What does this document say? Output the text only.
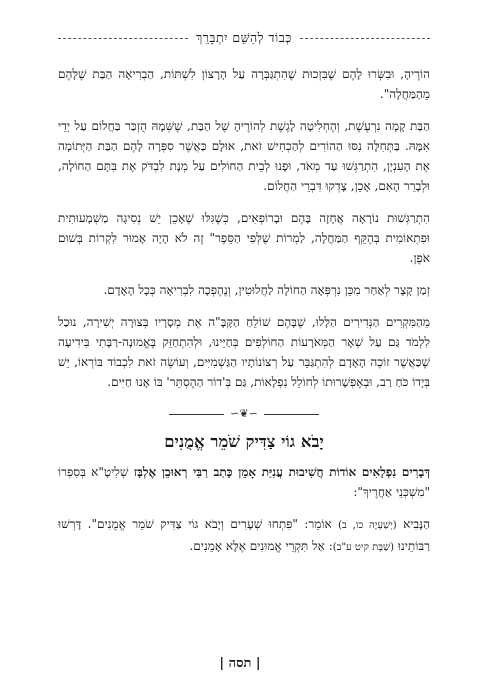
כְּבוֹד לְהַשֵּׁם יִתְבָּרֵךְ

הוֹרֶיהָ, וּבִשְּׂרוּ לָהֶם שֶׁבִּזְכוּת שֶׁהִתְגַּבְּרָה עַל הָרָצוֹן לִשְׁתּוֹת, הַבְרִיאָה הַבַּת שֶׁלָּהֶם מֵהַמַּחֲלָה".

הַבַּת קָמָה נִרְעֶשֶׁת, וְהֶחְלִיטָה לָגֶשֶׁת לְהוֹרֶיהָ שֶׁל הַבַּת, שֶׁשְּׁמָהּ הֻזְכַּר בַּחֲלוֹם עַל יְדֵי אִמָּהּ. בַּתְּחִלָּה נִסּוּ הַהוֹרִים לְהַכְחִישׁ זֹאת, אוּלָם כַּאֲשֶׁר סִפְּרָה לָהֶם הַבַּת הַיְּתוֹמָה אֶת הָעִנְיָן, הִתְרַגְּשׁוּ עַד מְאֹד, וּפָנוּ לְבֵית הַחוֹלִים עַל מְנָת לִבְדֹּק אֶת בִּתָּם הַחוֹלָה, וּלְבָרֵר הָאִם, אָכֵן, צָדְקוּ דִּבְרֵי הַחֲלוֹם.

הִתְרַגְּשׁוּת נוֹרָאָה אֲחָזָה בָּהֶם וּבָרוֹפְאִים, כְּשֶׁגִּלּוּ שֶׁאָכֵן יֵשׁ נְסִיגָה מַשְׁמָעוּתִית וּפִתְאוֹמִית בְּהֶקֵּף הַמַּחֲלָה, לַמְרוֹת שֶׁלְּפִי הַסֵּפֶר" זֶה לֹא הָיָה אָמוּר לִקְרוֹת בְּשׁוּם אֹפֶן.

זְמַן קָצָר לְאַחַר מִכֵּן נִרְפְּאָה הַחוֹלָה לַחֲלוּטִין, וְנֶהֶפְכָה לִבְרִיאָה כְּכָל הָאָדָם.

מֵהַמִּקְרִים הַנְּדִירִים הַלָּלוּ, שֶׁבָּהֶם שׁוֹלֵחַ הַקָּבָּ"ה אֶת מְסָרָיו בְּצוּרָה יְשִׁירָה, נוּכַל לִלְמֹד גַּם עַל שְׁאָר הַמְּאֹרָעוֹת הַחוֹלְפִים בְּחַיֵּינוּ, וּלְהִתְחַזֵּק בֶּאֱמוּנָה-רַבָּתִי בִּידִיעָה שֶׁכַּאֲשֶׁר זוֹכֶה הָאָדָם לְהִתְגַּבֵּר עַל רְצוֹנוֹתָיו הַגַּשְׁמִיִּים, וְעוֹשֶׂה זֹאת לִכְבוֹד בּוֹרְאוֹ, יֵשׁ בְּיָדוֹ כֹּחַ רַב, וּבְאֶפְשָׁרוּתוֹ לְחוֹלֵל נִפְלָאוֹת, גַּם בְּ'דוֹר הַהֶסְתֵּר' בּוֹ אָנוּ חַיִּים.

∽❦∽
יָבֹא גוֹי צַדִּיק שֹׁמֵר אֱמֻנִים

דְּבָרִים נִפְלָאִים אוֹדוֹת חֲשִׁיבוּת עֲנִיַּת אָמֵן כָּתַב רַבִּי רְאוּבֵן אֶלְבָּז שְׁלִיטָ"א בְּסִפְרוֹ "מִשְׁכְּנֵי אַחֲרֶיךָ":

הַנָּבִיא (יְשַׁעְיָה כו, ב) אוֹמֵר: "פִּתְחוּ שְׁעָרִים וְיָבֹא גוֹי צַדִּיק שֹׁמֵר אֱמֻנִים". דָּרְשׁוּ רַבּוֹתֵינוּ (שַׁבָּת קיט ע"ב): אַל תִּקְרֵי אֱמוּנִים אֶלָּא אָמֵנִים.

| תסה |
